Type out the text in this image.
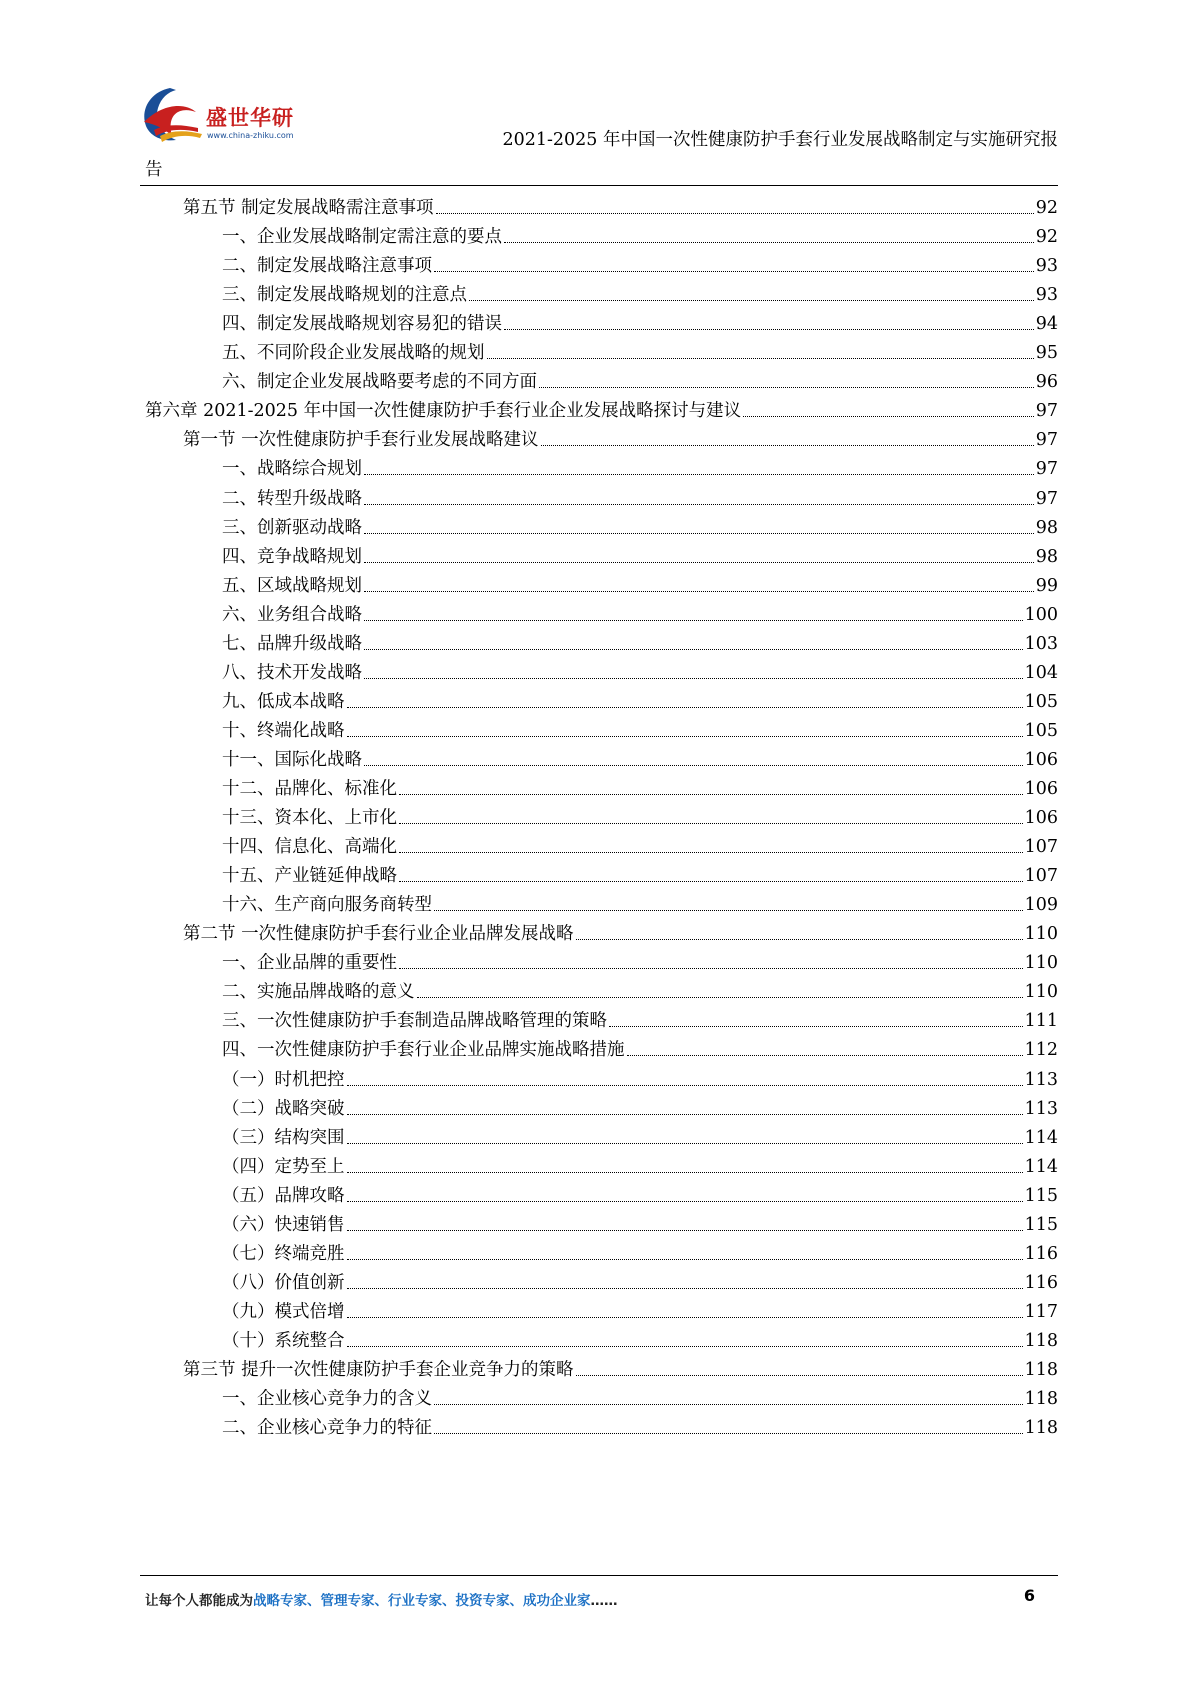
盛世华研
www.china-zhiku.com	2021-2025 年中国一次性健康防护手套行业发展战略制定与实施研究报
告
第五节 制定发展战略需注意事项	92
一、企业发展战略制定需注意的要点	92
二、制定发展战略注意事项	93
三、制定发展战略规划的注意点	93
四、制定发展战略规划容易犯的错误	94
五、不同阶段企业发展战略的规划	95
六、制定企业发展战略要考虑的不同方面	96
第六章 2021-2025 年中国一次性健康防护手套行业企业发展战略探讨与建议	97
第一节 一次性健康防护手套行业发展战略建议	97
一、战略综合规划	97
二、转型升级战略	97
三、创新驱动战略	98
四、竞争战略规划	98
五、区域战略规划	99
六、业务组合战略	100
七、品牌升级战略	103
八、技术开发战略	104
九、低成本战略	105
十、终端化战略	105
十一、国际化战略	106
十二、品牌化、标准化	106
十三、资本化、上市化	106
十四、信息化、高端化	107
十五、产业链延伸战略	107
十六、生产商向服务商转型	109
第二节 一次性健康防护手套行业企业品牌发展战略	110
一、企业品牌的重要性	110
二、实施品牌战略的意义	110
三、一次性健康防护手套制造品牌战略管理的策略	111
四、一次性健康防护手套行业企业品牌实施战略措施	112
（一）时机把控	113
（二）战略突破	113
（三）结构突围	114
（四）定势至上	114
（五）品牌攻略	115
（六）快速销售	115
（七）终端竞胜	116
（八）价值创新	116
（九）模式倍增	117
（十）系统整合	118
第三节 提升一次性健康防护手套企业竞争力的策略	118
一、企业核心竞争力的含义	118
二、企业核心竞争力的特征	118
让每个人都能成为战略专家、管理专家、行业专家、投资专家、成功企业家……	6
